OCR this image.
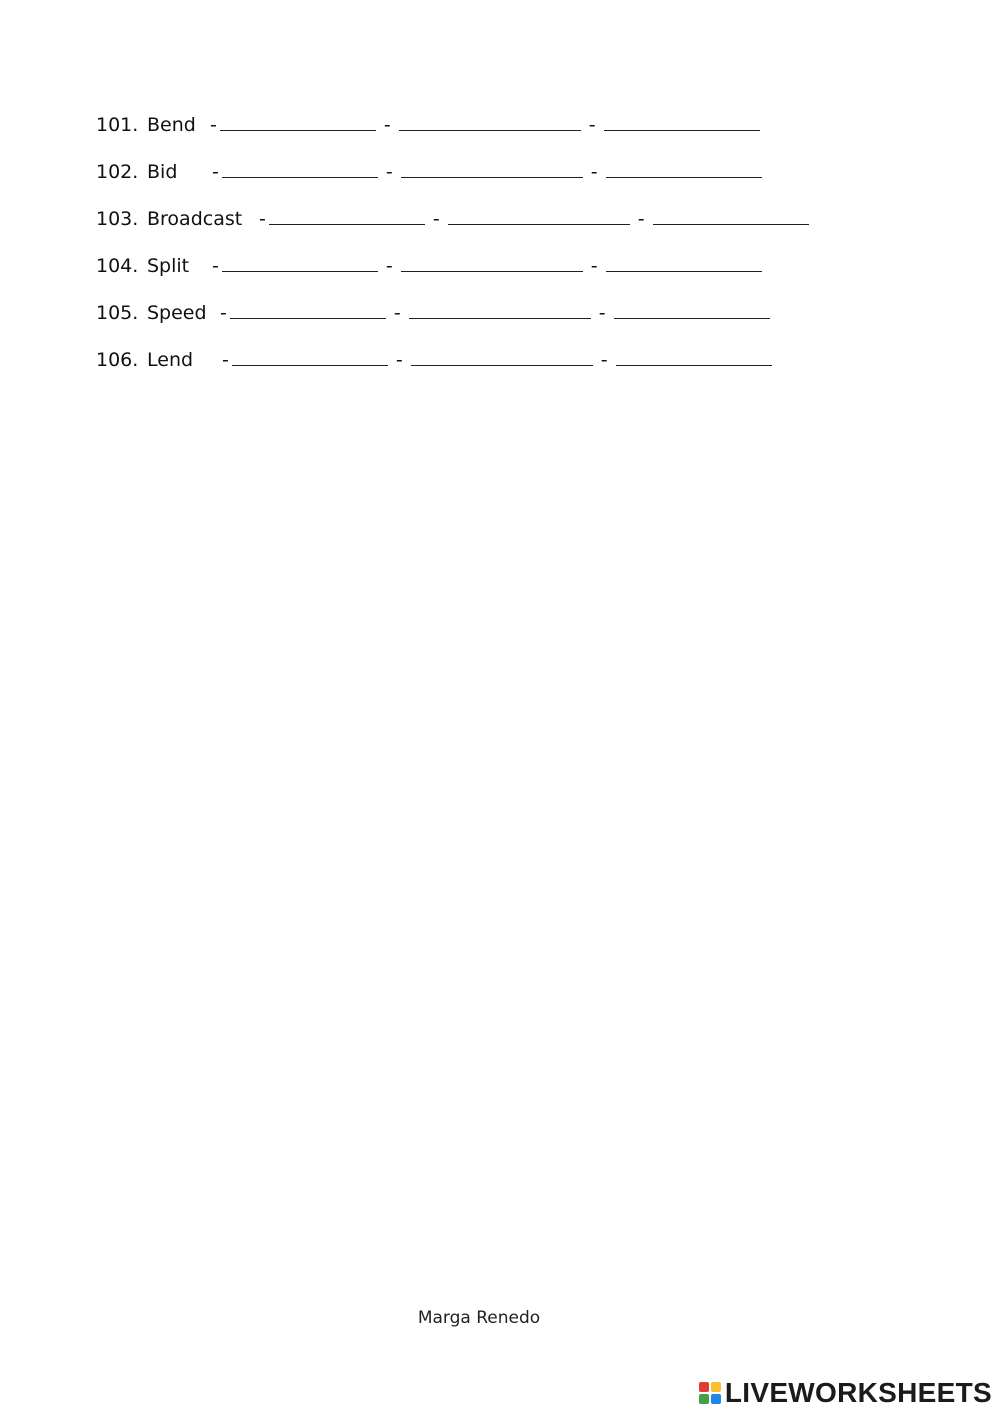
101. Bend -	-	-
102. Bid -	-	-
103. Broadcast -	-	-
104. Split -	-	-
105. Speed -	-	-
106. Lend -	-	-
Marga Renedo
LIVEWORKSHEETS
